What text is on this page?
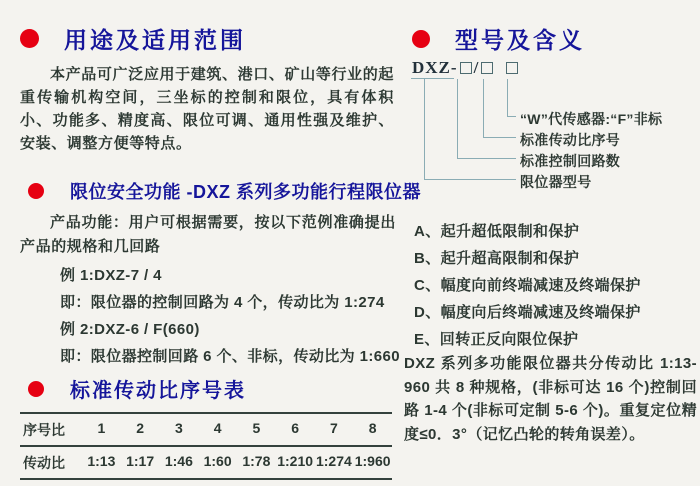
用途及适用范围

本产品可广泛应用于建筑、港口、矿山等行业的起重传输机构空间，三坐标的控制和限位，具有体积小、功能多、精度高、限位可调、通用性强及维护、安装、调整方便等特点。

限位安全功能 -DXZ 系列多功能行程限位器

产品功能：用户可根据需要，按以下范例准确提出产品的规格和几回路

例 1:DXZ-7 / 4
即：限位器的控制回路为 4 个，传动比为 1:274
例 2:DXZ-6 / F(660)
即：限位器控制回路 6 个、非标，传动比为 1:660
标准传动比序号表
序号比	1	2	3	4	5	6	7	8
传动比	1:13 1:17 1:46 1:60 1:78 1:210 1:274 1:960
型号及含义
DXZ- /
“W”代传感器:“F”非标
标准传动比序号
标准控制回路数
限位器型号
A、起升超低限制和保护
B、起升超高限制和保护
C、幅度向前终端减速及终端保护
D、幅度向后终端减速及终端保护
E、回转正反向限位保护

DXZ 系列多功能限位器共分传动比 1:13-960 共 8 种规格，(非标可达 16 个)控制回路 1-4 个(非标可定制 5-6 个)。重复定位精度≤0．3°（记忆凸轮的转角误差）。
